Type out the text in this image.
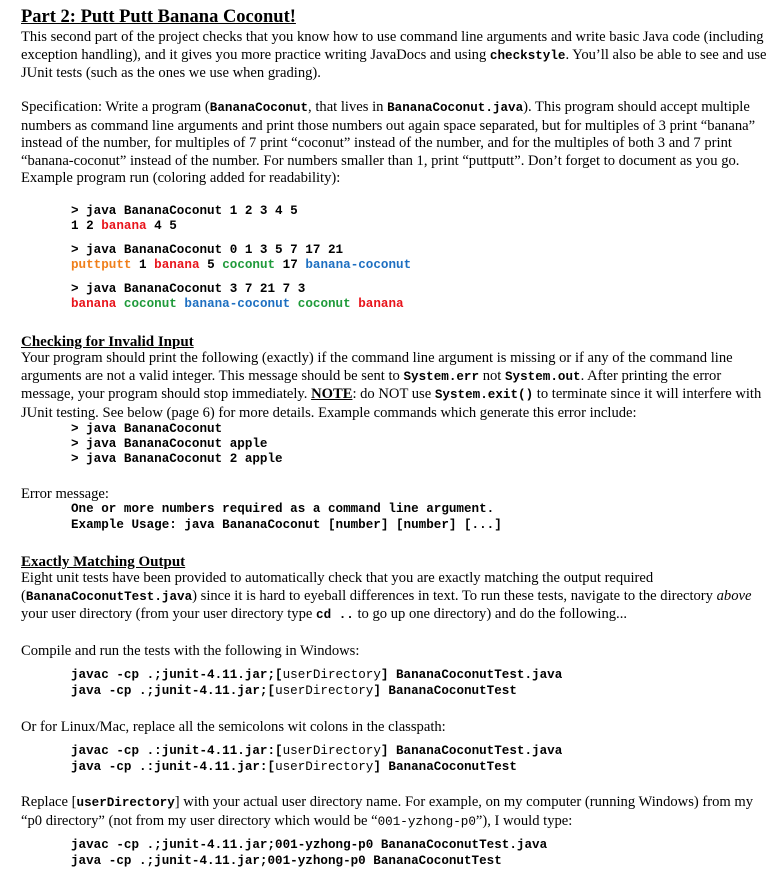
Part 2: Putt Putt Banana Coconut!

This second part of the project checks that you know how to use command line arguments and write basic Java code (including exception handling), and it gives you more practice writing JavaDocs and using checkstyle. You’ll also be able to see and use JUnit tests (such as the ones we use when grading).

Specification: Write a program (BananaCoconut, that lives in BananaCoconut.java). This program should accept multiple numbers as command line arguments and print those numbers out again space separated, but for multiples of 3 print “banana” instead of the number, for multiples of 7 print “coconut” instead of the number, and for the multiples of both 3 and 7 print “banana-coconut” instead of the number. For numbers smaller than 1, print “puttputt”. Don’t forget to document as you go. Example program run (coloring added for readability):

> java BananaCoconut 1 2 3 4 5
1 2 banana 4 5
> java BananaCoconut 0 1 3 5 7 17 21
puttputt 1 banana 5 coconut 17 banana-coconut
> java BananaCoconut 3 7 21 7 3
banana coconut banana-coconut coconut banana
Checking for Invalid Input

Your program should print the following (exactly) if the command line argument is missing or if any of the command line arguments are not a valid integer. This message should be sent to System.err not System.out. After printing the error message, your program should stop immediately. NOTE: do NOT use System.exit() to terminate since it will interfere with JUnit testing. See below (page 6) for more details. Example commands which generate this error include:

> java BananaCoconut
> java BananaCoconut apple
> java BananaCoconut 2 apple

Error message:

One or more numbers required as a command line argument.
Example Usage: java BananaCoconut [number] [number] [...]
Exactly Matching Output

Eight unit tests have been provided to automatically check that you are exactly matching the output required (BananaCoconutTest.java) since it is hard to eyeball differences in text. To run these tests, navigate to the directory above your user directory (from your user directory type cd .. to go up one directory) and do the following...

Compile and run the tests with the following in Windows:

javac -cp .;junit-4.11.jar;[userDirectory] BananaCoconutTest.java
java -cp .;junit-4.11.jar;[userDirectory] BananaCoconutTest

Or for Linux/Mac, replace all the semicolons wit colons in the classpath:

javac -cp .:junit-4.11.jar:[userDirectory] BananaCoconutTest.java
java -cp .:junit-4.11.jar:[userDirectory] BananaCoconutTest

Replace [userDirectory] with your actual user directory name. For example, on my computer (running Windows) from my “p0 directory” (not from my user directory which would be “001-yzhong-p0”), I would type:

javac -cp .;junit-4.11.jar;001-yzhong-p0 BananaCoconutTest.java
java -cp .;junit-4.11.jar;001-yzhong-p0 BananaCoconutTest
